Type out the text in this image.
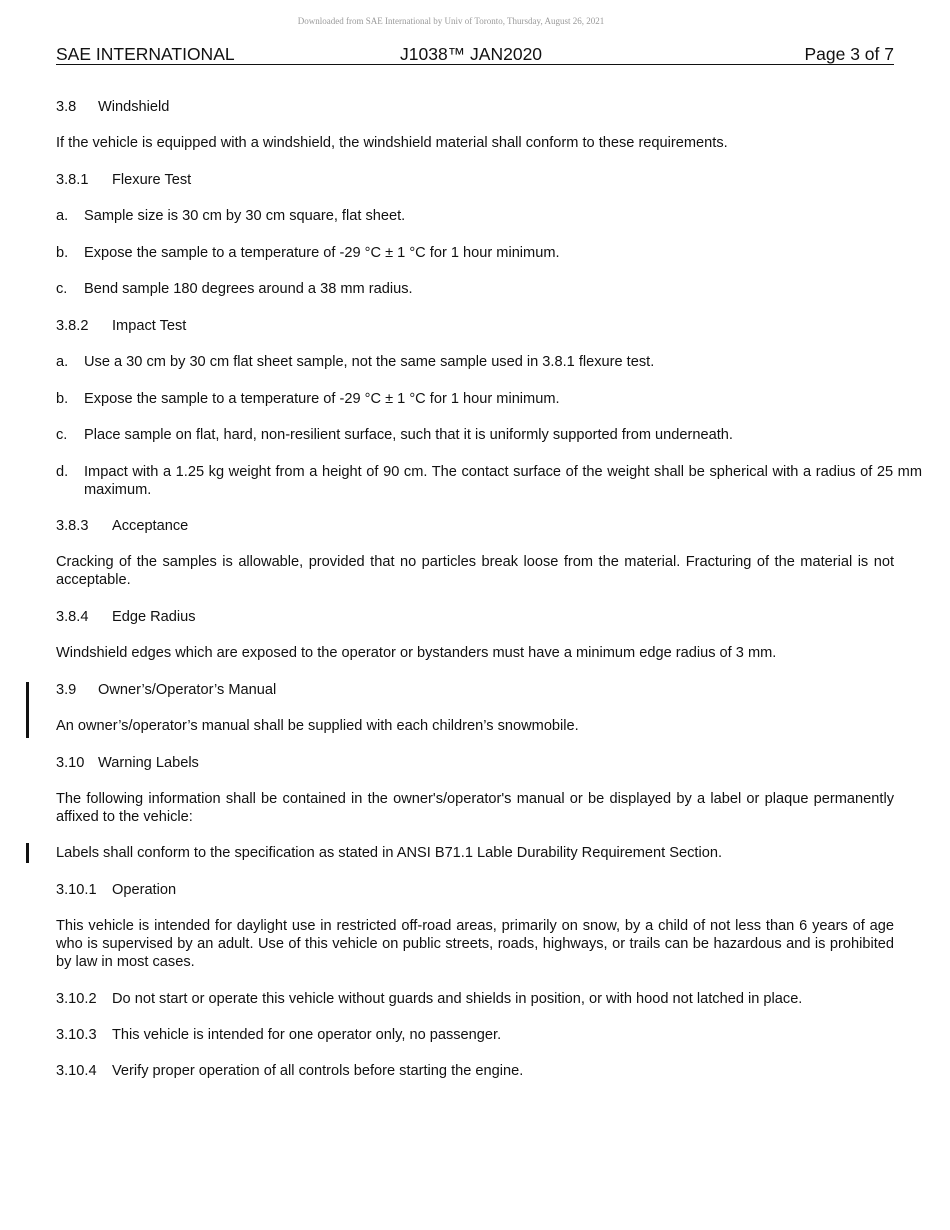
Downloaded from SAE International by Univ of Toronto, Thursday, August 26, 2021
SAE INTERNATIONAL	J1038™ JAN2020	Page 3 of 7
3.8 Windshield
If the vehicle is equipped with a windshield, the windshield material shall conform to these requirements.
3.8.1 Flexure Test
a. Sample size is 30 cm by 30 cm square, flat sheet.
b. Expose the sample to a temperature of -29 °C ± 1 °C for 1 hour minimum.
c. Bend sample 180 degrees around a 38 mm radius.
3.8.2 Impact Test
a. Use a 30 cm by 30 cm flat sheet sample, not the same sample used in 3.8.1 flexure test.
b. Expose the sample to a temperature of -29 °C ± 1 °C for 1 hour minimum.
c. Place sample on flat, hard, non-resilient surface, such that it is uniformly supported from underneath.
d. Impact with a 1.25 kg weight from a height of 90 cm. The contact surface of the weight shall be spherical with a radius of 25 mm maximum.
3.8.3 Acceptance
Cracking of the samples is allowable, provided that no particles break loose from the material. Fracturing of the material is not acceptable.
3.8.4 Edge Radius
Windshield edges which are exposed to the operator or bystanders must have a minimum edge radius of 3 mm.
3.9 Owner’s/Operator’s Manual
An owner’s/operator’s manual shall be supplied with each children’s snowmobile.
3.10 Warning Labels
The following information shall be contained in the owner's/operator's manual or be displayed by a label or plaque permanently affixed to the vehicle:
Labels shall conform to the specification as stated in ANSI B71.1 Lable Durability Requirement Section.
3.10.1 Operation
This vehicle is intended for daylight use in restricted off-road areas, primarily on snow, by a child of not less than 6 years of age who is supervised by an adult. Use of this vehicle on public streets, roads, highways, or trails can be hazardous and is prohibited by law in most cases.
3.10.2 Do not start or operate this vehicle without guards and shields in position, or with hood not latched in place.
3.10.3 This vehicle is intended for one operator only, no passenger.
3.10.4 Verify proper operation of all controls before starting the engine.
